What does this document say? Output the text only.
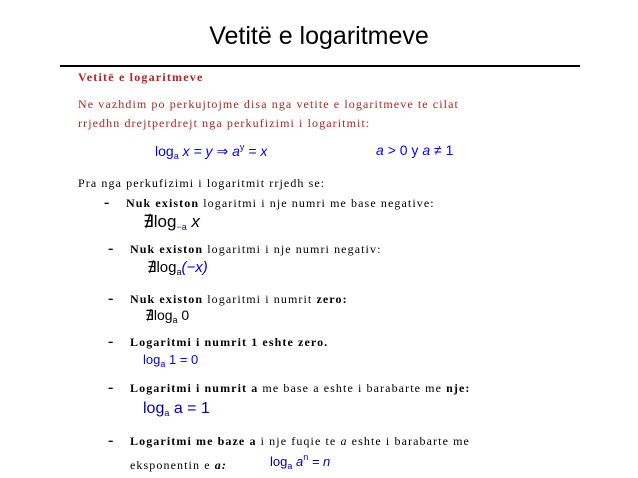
Vetitë e logaritmeve
Vetitë e logaritmeve
Ne vazhdim po perkujtojme disa nga vetite e logaritmeve te cilat
rrjedhn drejtperdrejt nga perkufizimi i logaritmit:
$\log_a x = y$ ⇒ $a^y = x$	a > 0 y a ≠ 1
Pra nga perkufizimi i logaritmit rrjedh se:
- Nuk existon logaritmi i nje numri me base negative:
∄log−a x
- Nuk existon logaritmi i nje numri negativ:
$∄\log_a(-x)$
- Nuk existon logaritmi i numrit zero:
$∄\log_a$ 0
- Logaritmi i numrit 1 eshte zero.
$\log_a 1 = 0$
- Logaritmi i numrit a me base a eshte i barabarte me nje:
loga a = 1
- Logaritmi me baze a i nje fuqie te a eshte i barabarte me
eksponentin e a:	$\log_a a^n = n$
